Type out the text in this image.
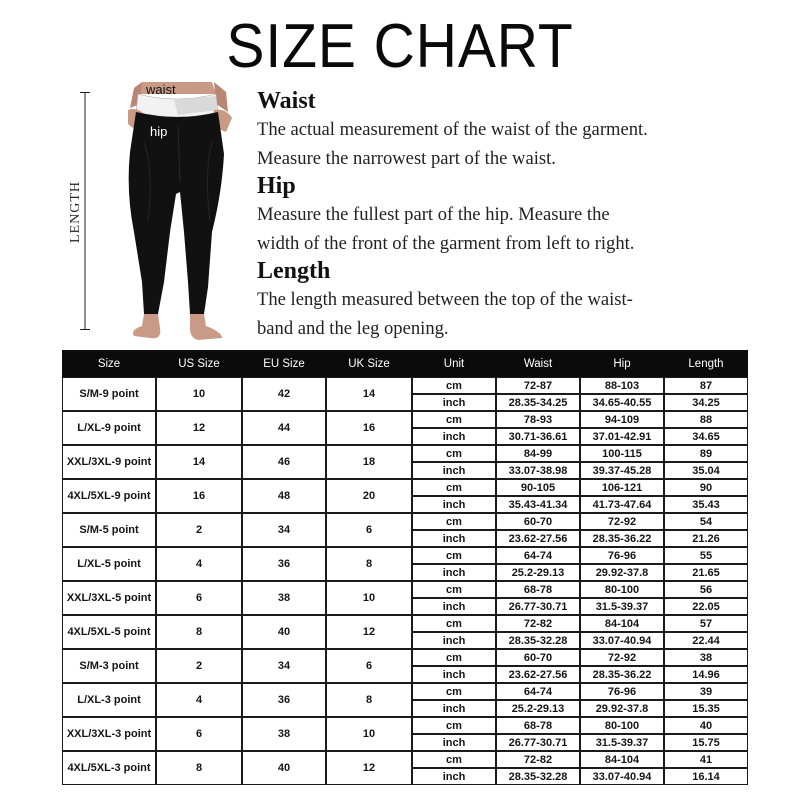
SIZE CHART
LENGTH
waist
hip
Waist

The actual measurement of the waist of the garment.

Measure the narrowest part of the waist.

Hip

Measure the fullest part of the hip. Measure the

width of the front of the garment from left to right.

Length

The length measured between the top of the waist-

band and the leg opening.

Size	US Size	EU Size	UK Size	Unit	Waist	Hip	Length
S/M-9 point	10	42	14	cm	72-87	88-103	87
				inch	28.35-34.25	34.65-40.55	34.25
L/XL-9 point	12	44	16	cm	78-93	94-109	88
				inch	30.71-36.61	37.01-42.91	34.65
XXL/3XL-9 point	14	46	18	cm	84-99	100-115	89
				inch	33.07-38.98	39.37-45.28	35.04
4XL/5XL-9 point	16	48	20	cm	90-105	106-121	90
				inch	35.43-41.34	41.73-47.64	35.43
S/M-5 point	2	34	6	cm	60-70	72-92	54
				inch	23.62-27.56	28.35-36.22	21.26
L/XL-5 point	4	36	8	cm	64-74	76-96	55
				inch	25.2-29.13	29.92-37.8	21.65
XXL/3XL-5 point	6	38	10	cm	68-78	80-100	56
				inch	26.77-30.71	31.5-39.37	22.05
4XL/5XL-5 point	8	40	12	cm	72-82	84-104	57
				inch	28.35-32.28	33.07-40.94	22.44
S/M-3 point	2	34	6	cm	60-70	72-92	38
				inch	23.62-27.56	28.35-36.22	14.96
L/XL-3 point	4	36	8	cm	64-74	76-96	39
				inch	25.2-29.13	29.92-37.8	15.35
XXL/3XL-3 point	6	38	10	cm	68-78	80-100	40
				inch	26.77-30.71	31.5-39.37	15.75
4XL/5XL-3 point	8	40	12	cm	72-82	84-104	41
				inch	28.35-32.28	33.07-40.94	16.14
